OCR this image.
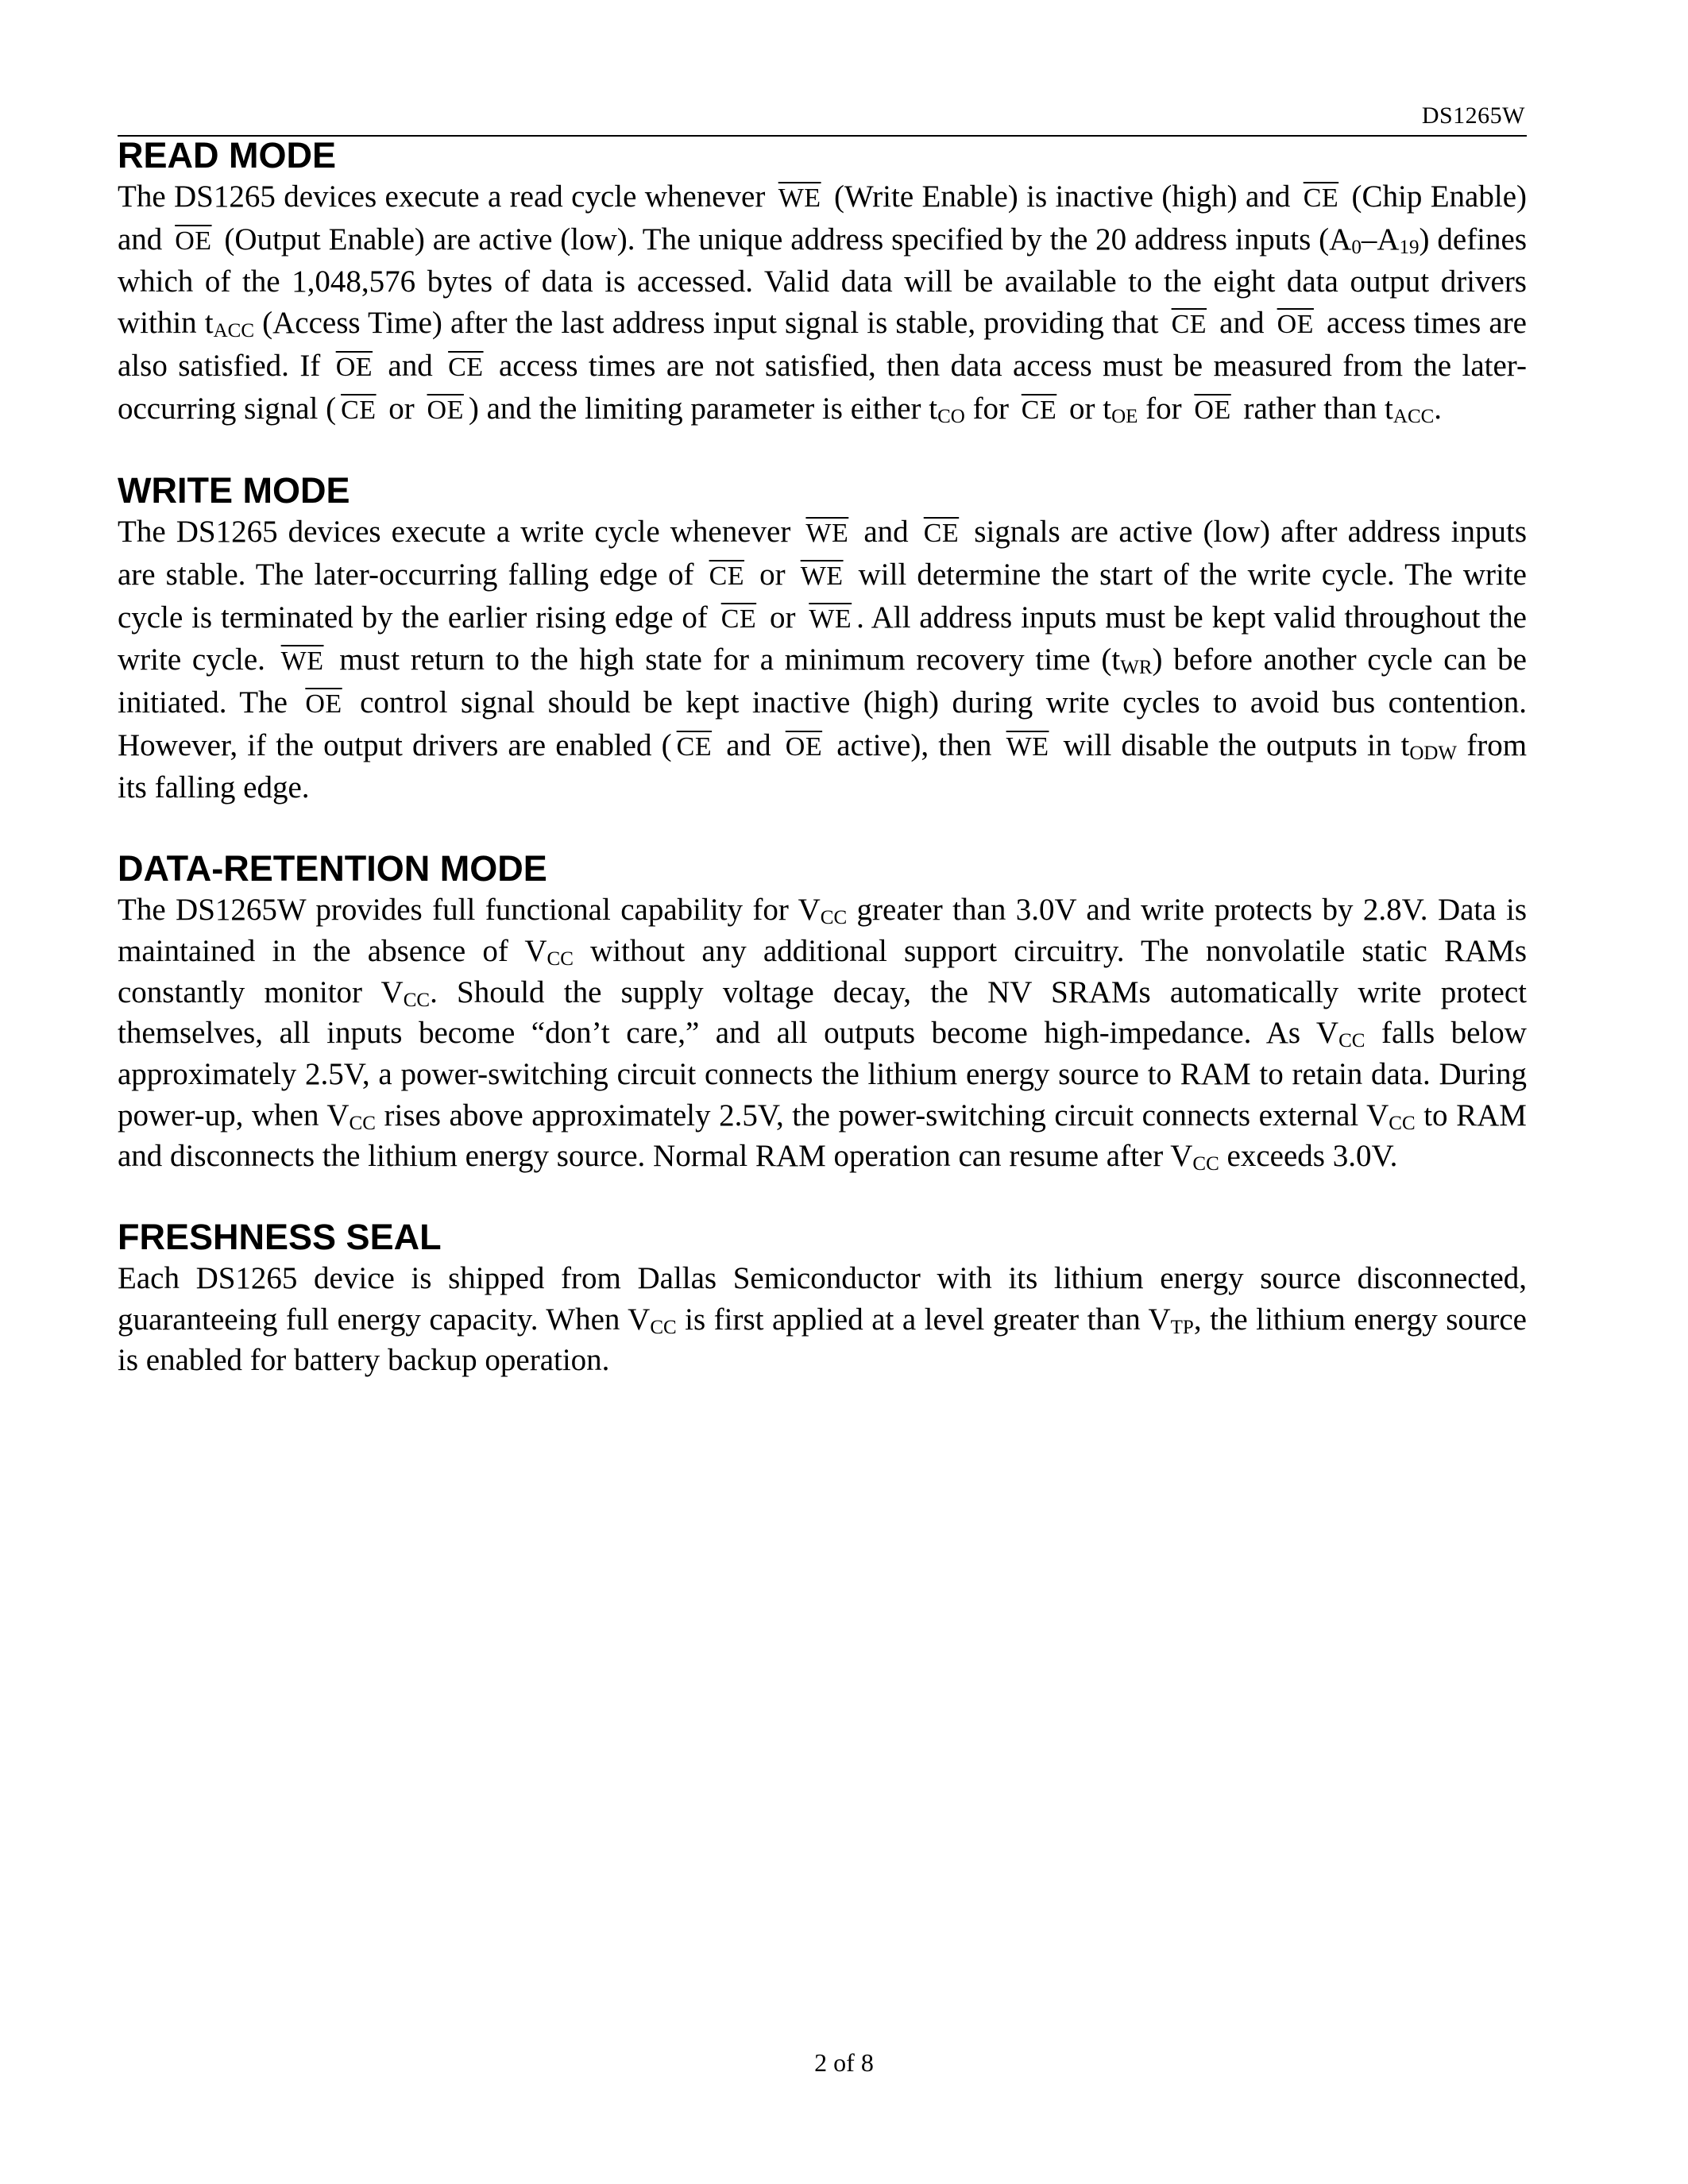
DS1265W
READ MODE

The DS1265 devices execute a read cycle whenever $\overline{WE}$ (Write Enable) is inactive (high) and $\overline{CE}$ (Chip Enable) and $\overline{OE}$ (Output Enable) are active (low). The unique address specified by the 20 address inputs $(A_0-A_{19})$ defines which of the 1,048,576 bytes of data is accessed. Valid data will be available to the eight data output drivers within $t_{ACC}$ (Access Time) after the last address input signal is stable, providing that $\overline{CE}$ and $\overline{OE}$ access times are also satisfied. If $\overline{OE}$ and $\overline{CE}$ access times are not satisfied, then data access must be measured from the later-occurring signal ( $\overline{CE}$ or $\overline{OE}$ ) and the limiting parameter is either $t_{CO}$ for $\overline{CE}$ or $t_{OE}$ for $\overline{OE}$ rather than $t_{ACC}$.

WRITE MODE

The DS1265 devices execute a write cycle whenever $\overline{WE}$ and $\overline{CE}$ signals are active (low) after address inputs are stable. The later-occurring falling edge of $\overline{CE}$ or $\overline{WE}$ will determine the start of the write cycle. The write cycle is terminated by the earlier rising edge of $\overline{CE}$ or $\overline{WE}$ . All address inputs must be kept valid throughout the write cycle. $\overline{WE}$ must return to the high state for a minimum recovery time $(t_{WR})$ before another cycle can be initiated. The $\overline{OE}$ control signal should be kept inactive (high) during write cycles to avoid bus contention. However, if the output drivers are enabled ( $\overline{CE}$ and $\overline{OE}$ active), then $\overline{WE}$ will disable the outputs in $t_{ODW}$ from its falling edge.

DATA-RETENTION MODE

The DS1265W provides full functional capability for $V_{CC}$ greater than 3.0V and write protects by 2.8V. Data is maintained in the absence of $V_{CC}$ without any additional support circuitry. The nonvolatile static RAMs constantly monitor $V_{CC}$. Should the supply voltage decay, the NV SRAMs automatically write protect themselves, all inputs become “don’t care,” and all outputs become high-impedance. As $V_{CC}$ falls below approximately 2.5V, a power-switching circuit connects the lithium energy source to RAM to retain data. During power-up, when $V_{CC}$ rises above approximately 2.5V, the power-switching circuit connects external $V_{CC}$ to RAM and disconnects the lithium energy source. Normal RAM operation can resume after $V_{CC}$ exceeds 3.0V.

FRESHNESS SEAL

Each DS1265 device is shipped from Dallas Semiconductor with its lithium energy source disconnected, guaranteeing full energy capacity. When $V_{CC}$ is first applied at a level greater than $V_{TP}$, the lithium energy source is enabled for battery backup operation.

2 of 8
